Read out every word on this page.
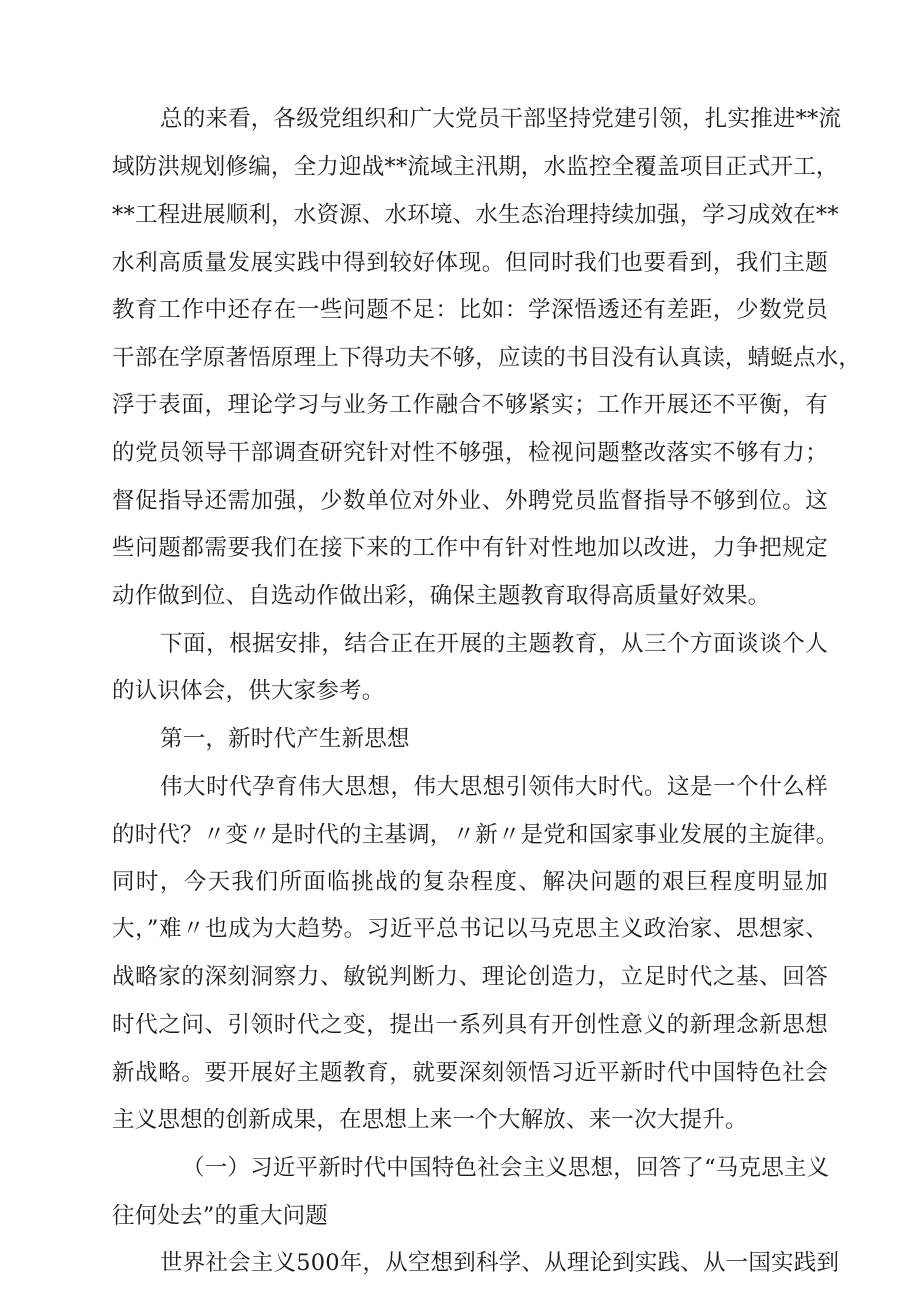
总的来看，各级党组织和广大党员干部坚持党建引领，扎实推进**流
域防洪规划修编，全力迎战**流域主汛期，水监控全覆盖项目正式开工，
**工程进展顺利，水资源、水环境、水生态治理持续加强，学习成效在**
水利高质量发展实践中得到较好体现。但同时我们也要看到，我们主题
教育工作中还存在一些问题不足：比如：学深悟透还有差距，少数党员
干部在学原著悟原理上下得功夫不够，应读的书目没有认真读，蜻蜓点水，
浮于表面，理论学习与业务工作融合不够紧实；工作开展还不平衡，有
的党员领导干部调查研究针对性不够强，检视问题整改落实不够有力；
督促指导还需加强，少数单位对外业、外聘党员监督指导不够到位。这
些问题都需要我们在接下来的工作中有针对性地加以改进，力争把规定
动作做到位、自选动作做出彩，确保主题教育取得高质量好效果。
下面，根据安排，结合正在开展的主题教育，从三个方面谈谈个人
的认识体会，供大家参考。
第一，新时代产生新思想
伟大时代孕育伟大思想，伟大思想引领伟大时代。这是一个什么样
的时代？〃变〃是时代的主基调，〃新〃是党和国家事业发展的主旋律。
同时，今天我们所面临挑战的复杂程度、解决问题的艰巨程度明显加
大，”难〃也成为大趋势。习近平总书记以马克思主义政治家、思想家、
战略家的深刻洞察力、敏锐判断力、理论创造力，立足时代之基、回答
时代之问、引领时代之变，提出一系列具有开创性意义的新理念新思想
新战略。要开展好主题教育，就要深刻领悟习近平新时代中国特色社会
主义思想的创新成果，在思想上来一个大解放、来一次大提升。
（一）习近平新时代中国特色社会主义思想，回答了“马克思主义
往何处去”的重大问题
世界社会主义500年，从空想到科学、从理论到实践、从一国实践到
